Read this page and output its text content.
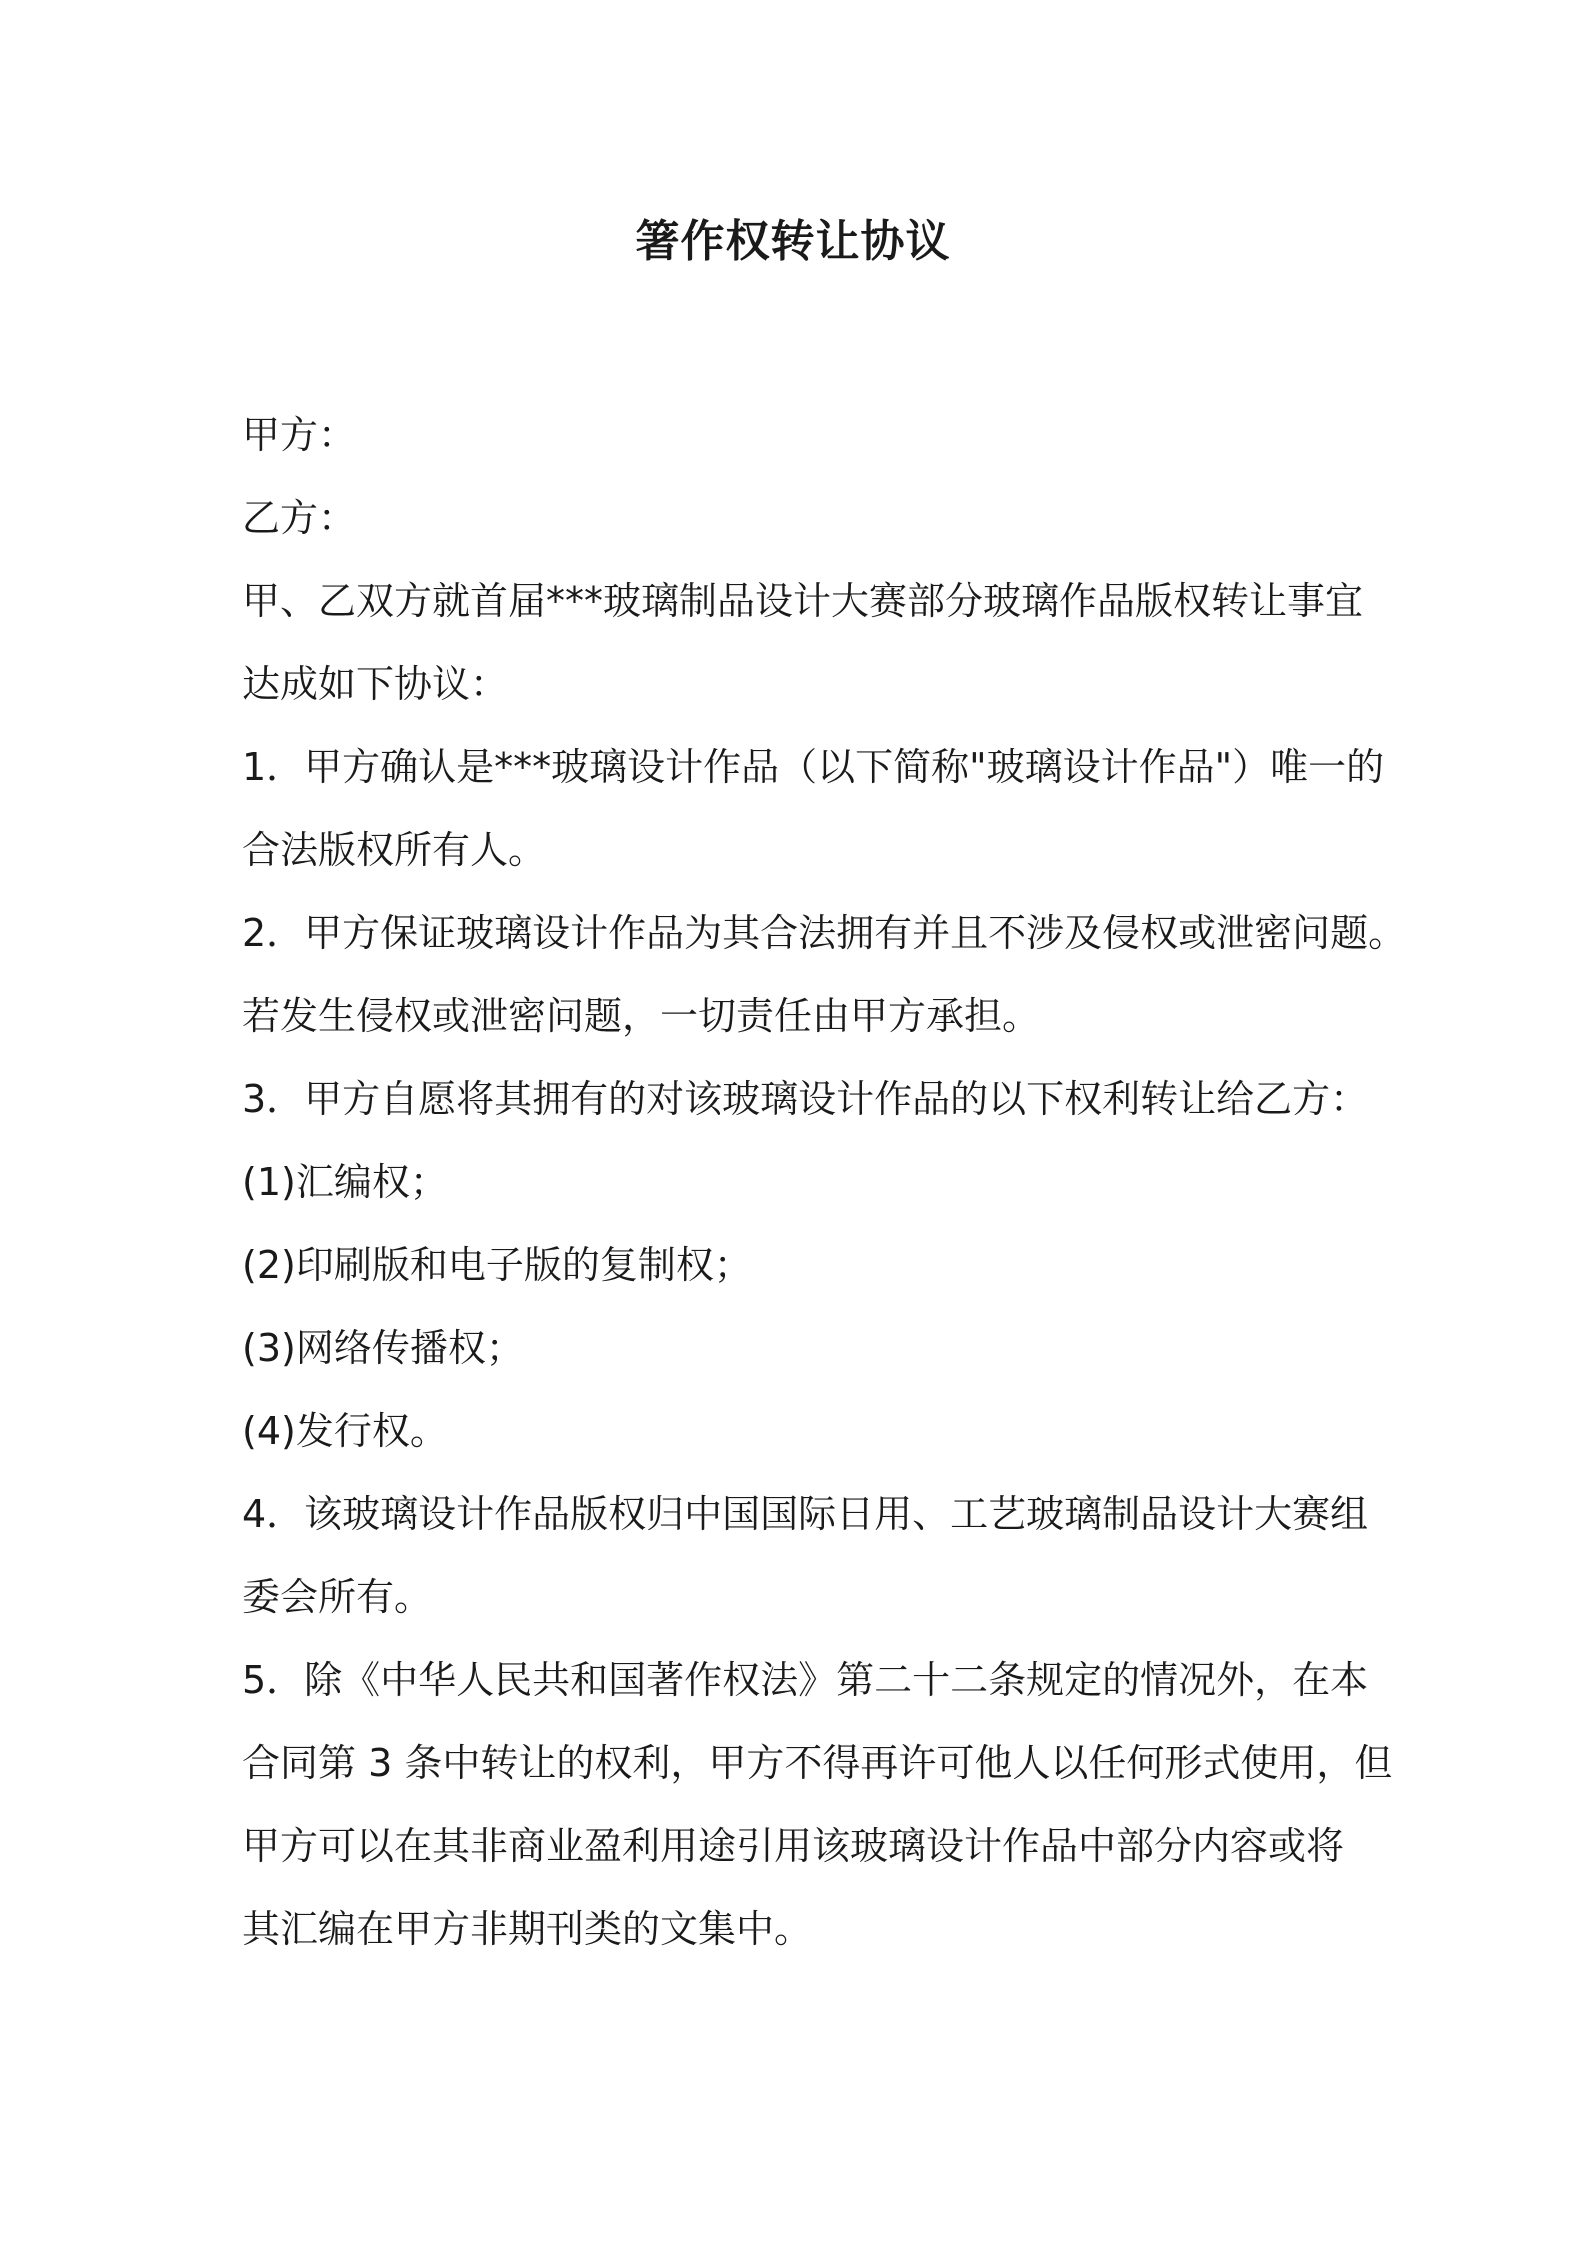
箸作权转让协议
甲方：
乙方：
甲、乙双方就首届***玻璃制品设计大赛部分玻璃作品版权转让事宜
达成如下协议：
1．甲方确认是***玻璃设计作品（以下简称"玻璃设计作品"）唯一的
合法版权所有人。
2．甲方保证玻璃设计作品为其合法拥有并且不涉及侵权或泄密问题。
若发生侵权或泄密问题，一切责任由甲方承担。
3．甲方自愿将其拥有的对该玻璃设计作品的以下权利转让给乙方：
(1)汇编权；
(2)印刷版和电子版的复制权；
(3)网络传播权；
(4)发行权。
4．该玻璃设计作品版权归中国国际日用、工艺玻璃制品设计大赛组
委会所有。
5．除《中华人民共和国著作权法》第二十二条规定的情况外，在本
合同第 3 条中转让的权利，甲方不得再许可他人以任何形式使用，但
甲方可以在其非商业盈利用途引用该玻璃设计作品中部分内容或将
其汇编在甲方非期刊类的文集中。
